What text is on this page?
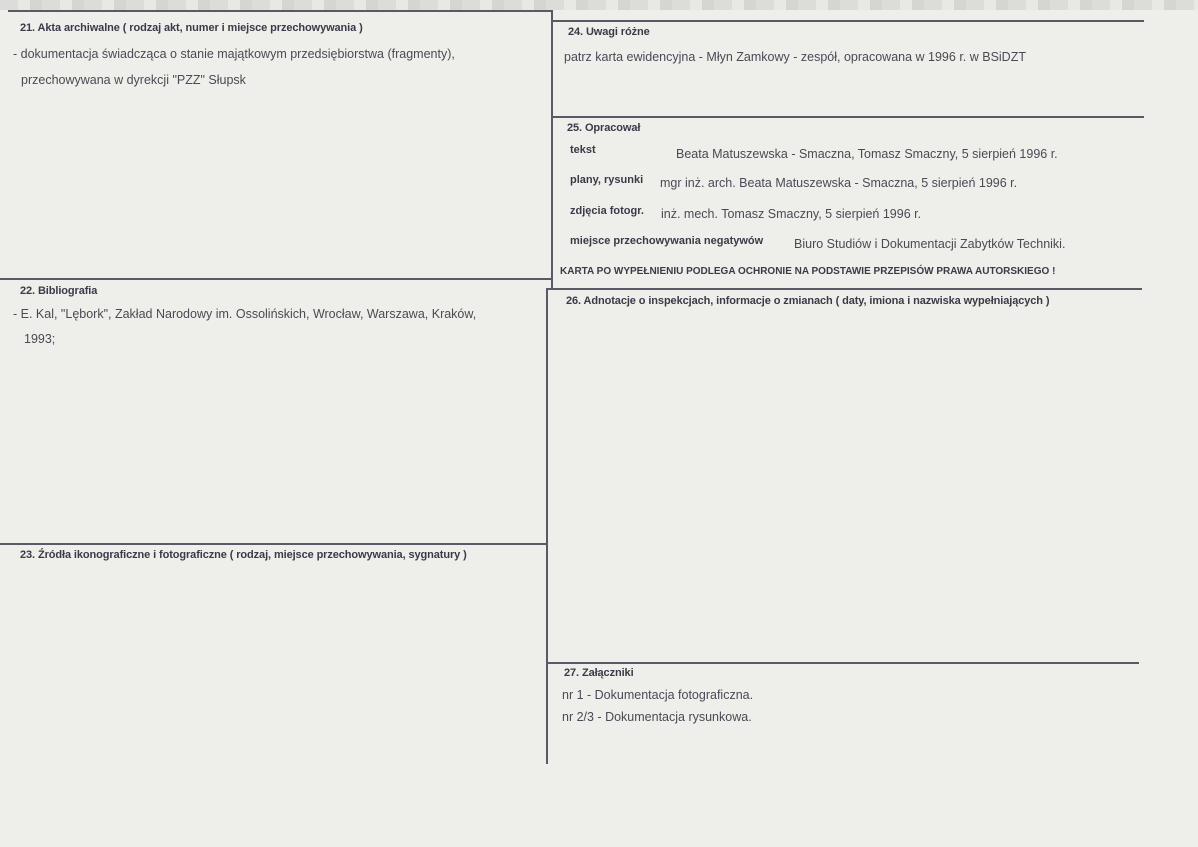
21. Akta archiwalne ( rodzaj akt, numer i miejsce przechowywania )
- dokumentacja świadcząca o stanie majątkowym przedsiębiorstwa (fragmenty),
przechowywana w dyrekcji "PZZ" Słupsk
22. Bibliografia
- E. Kal, "Lębork", Zakład Narodowy im. Ossolińskich, Wrocław, Warszawa, Kraków,
1993;
23. Źródła ikonograficzne i fotograficzne ( rodzaj, miejsce przechowywania, sygnatury )
24. Uwagi różne
patrz karta ewidencyjna - Młyn Zamkowy - zespół, opracowana w 1996 r. w BSiDZT
25. Opracował
tekst	Beata Matuszewska - Smaczna, Tomasz Smaczny, 5 sierpień 1996 r.
plany, rysunki mgr inż. arch. Beata Matuszewska - Smaczna, 5 sierpień 1996 r.
zdjęcia fotogr. inż. mech. Tomasz Smaczny, 5 sierpień 1996 r.
miejsce przechowywania negatywów Biuro Studiów i Dokumentacji Zabytków Techniki.
KARTA PO WYPEŁNIENIU PODLEGA OCHRONIE NA PODSTAWIE PRZEPISÓW PRAWA AUTORSKIEGO !
26. Adnotacje o inspekcjach, informacje o zmianach ( daty, imiona i nazwiska wypełniających )
27. Załączniki
nr 1 - Dokumentacja fotograficzna.
nr 2/3 - Dokumentacja rysunkowa.
